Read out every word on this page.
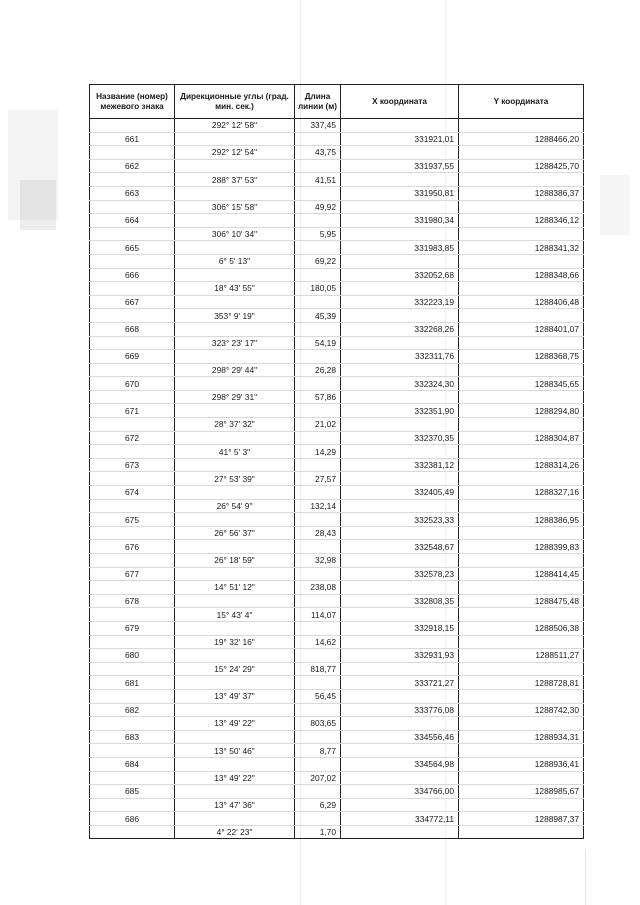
Название (номер) межевого знака	Дирекционные углы (град. мин. сек.)	Длина линии (м)	X координата	Y координата
	292° 12' 58"	337,45		
661			331921,01	1288466,20
	292° 12' 54"	43,75		
662			331937,55	1288425,70
	288° 37' 53"	41,51		
663			331950,81	1288386,37
	306° 15' 58"	49,92		
664			331980,34	1288346,12
	306° 10' 34"	5,95		
665			331983,85	1288341,32
	6° 5' 13"	69,22		
666			332052,68	1288348,66
	18° 43' 55"	180,05		
667			332223,19	1288406,48
	353° 9' 19"	45,39		
668			332268,26	1288401,07
	323° 23' 17"	54,19		
669			332311,76	1288368,75
	298° 29' 44"	26,28		
670			332324,30	1288345,65
	298° 29' 31"	57,86		
671			332351,90	1288294,80
	28° 37' 32"	21,02		
672			332370,35	1288304,87
	41° 5' 3"	14,29		
673			332381,12	1288314,26
	27° 53' 39"	27,57		
674			332405,49	1288327,16
	26° 54' 9"	132,14		
675			332523,33	1288386,95
	26° 56' 37"	28,43		
676			332548,67	1288399,83
	26° 18' 59"	32,98		
677			332578,23	1288414,45
	14° 51' 12"	238,08		
678			332808,35	1288475,48
	15° 43' 4"	114,07		
679			332918,15	1288506,38
	19° 32' 16"	14,62		
680			332931,93	1288511,27
	15° 24' 29"	818,77		
681			333721,27	1288728,81
	13° 49' 37"	56,45		
682			333776,08	1288742,30
	13° 49' 22"	803,65		
683			334556,46	1288934,31
	13° 50' 46"	8,77		
684			334564,98	1288936,41
	13° 49' 22"	207,02		
685			334766,00	1288985,67
	13° 47' 36"	6,29		
686			334772,11	1288987,37
	4° 22' 23"	1,70		
